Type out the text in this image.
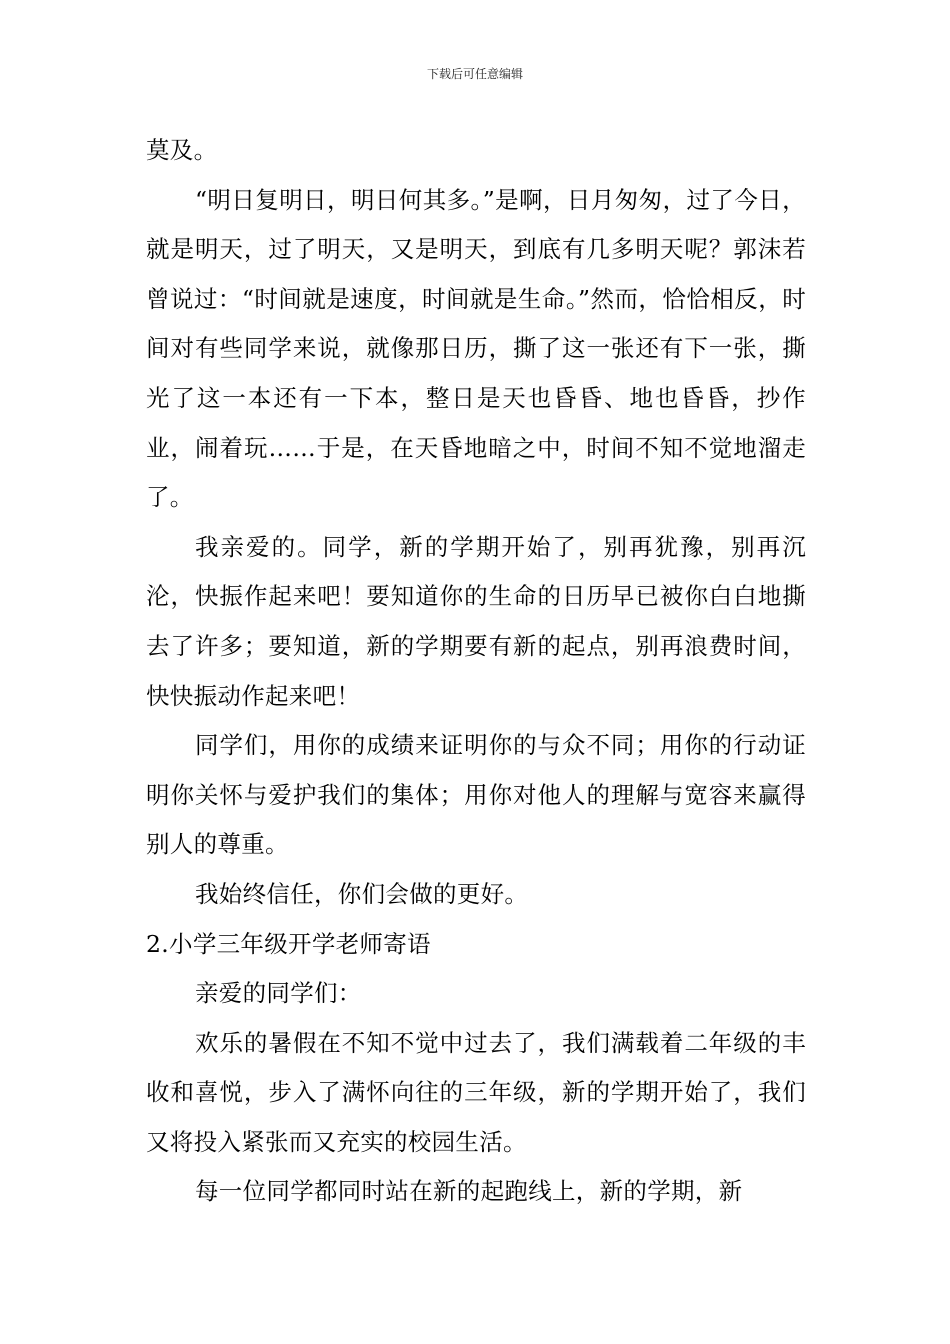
下载后可任意编辑

莫及。

“明日复明日，明日何其多。”是啊，日月匆匆，过了今日，就是明天，过了明天，又是明天，到底有几多明天呢？郭沫若曾说过：“时间就是速度，时间就是生命。”然而，恰恰相反，时间对有些同学来说，就像那日历，撕了这一张还有下一张，撕光了这一本还有一下本，整日是天也昏昏、地也昏昏，抄作业，闹着玩……于是，在天昏地暗之中，时间不知不觉地溜走了。

我亲爱的。同学，新的学期开始了，别再犹豫，别再沉沦，快振作起来吧！要知道你的生命的日历早已被你白白地撕去了许多；要知道，新的学期要有新的起点，别再浪费时间，快快振动作起来吧！

同学们，用你的成绩来证明你的与众不同；用你的行动证明你关怀与爱护我们的集体；用你对他人的理解与宽容来赢得别人的尊重。

我始终信任，你们会做的更好。

2.小学三年级开学老师寄语

亲爱的同学们：

欢乐的暑假在不知不觉中过去了，我们满载着二年级的丰收和喜悦，步入了满怀向往的三年级，新的学期开始了，我们又将投入紧张而又充实的校园生活。

每一位同学都同时站在新的起跑线上，新的学期，新
